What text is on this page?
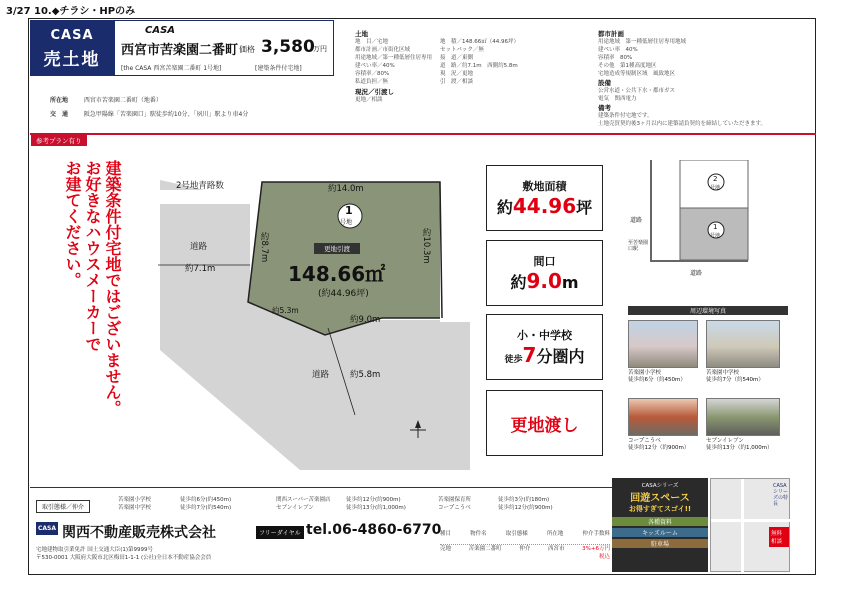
3/27 10.◆チラシ・HPのみ
CASA
売土地
CASA
西宮市苦楽園二番町 価格 3,580
万円
[the CASA 西宮苦楽園二番町 1号地]	[建築条件付宅地]
土地
地　目／宅地
都市計画／市街化区域
用途地域／第一種低層住居専用
建ぺい率／40%
容積率／80%
私道負担／無
現況／引渡し
更地／相談
地　積／148.66㎡（44.96坪）
セットバック／無
接　道／東側
道　路／約7.1m　西側約5.8m
現　況／更地
引　渡／相談
都市計画
用途地域　第一種低層住居専用地域
建ぺい率　40%
容積率　80%
その他　第1種高度地区
宅地造成等規制区域　風致地区
設備
公営水道・公共下水・都市ガス
電気　関西電力
備考
建築条件付宅地です。
土地売買契約後3ヶ月以内に建築請負契約を締結していただきます。
所在地	西宮市苦楽園二番町（地番）
交　通	阪急甲陽線「苦楽園口」駅徒歩約10分、「夙川」駅より車4分
参考プラン有り
建築条件付宅地ではございません。
お好きなハウスメーカーで
お建てください。	2号地青路数
道路
約7.1m
道路 約5.8m
約14.0m
約8.7m	約10.3m
約9.0m
約5.3m
1
号地
更地引渡
148.66㎡
(約44.96坪)
敷地面積
約44.96坪
間口
約9.0m
小・中学校
徒歩7分圏内
更地渡し
2
号地
1
号地
道路
道路
至苦楽園口駅
周辺環境写真
苦楽園小学校
徒歩約6分（約450m）
苦楽園中学校
徒歩約7分（約540m）
コープこうべ
徒歩約12分（約900m）
セブンイレブン
徒歩約13分（約1,000m）
取引態様／仲介
苦楽園小学校	徒歩約6分(約450m)	関西スーパー苦楽園店	徒歩約12分(約900m)	苦楽園保育所	徒歩約3分(約180m)
苦楽園中学校	徒歩約7分(約540m)	セブンイレブン	徒歩約13分(約1,000m)	コープこうべ	徒歩約12分(約900m)
CASA 関西不動産販売株式会社	フリーダイヤル tel.06-4860-6770
宅地建物取引業免許 国土交通大臣(1)第9999号
〒530-0001 大阪府大阪市北区梅田1-1-1 (公社)全日本不動産協会会員
種目	物件名	取引態様	所在地	仲介手数料
売地	苦楽園二番町	仲介	西宮市	3%+6万円
税込
CASAシリーズ
回遊スペース
お得すぎてスゴイ!!
各種資料
キッズルーム
駐車場
無料相談
CASAシリーズの特長
